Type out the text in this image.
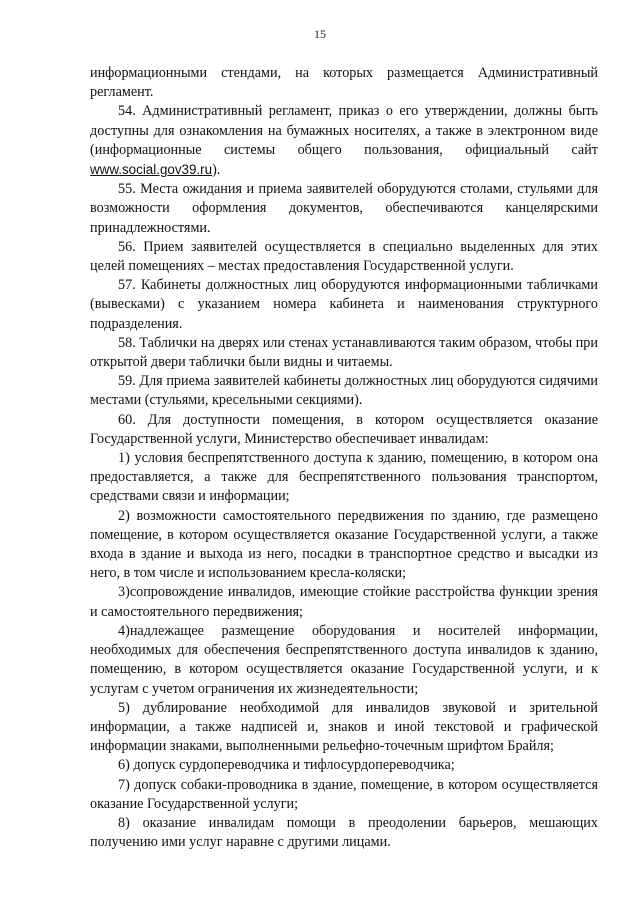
15

информационными стендами, на которых размещается Административный регламент.

54. Административный регламент, приказ о его утверждении, должны быть доступны для ознакомления на бумажных носителях, а также в электронном виде (информационные системы общего пользования, официальный сайт www.social.gov39.ru).

55. Места ожидания и приема заявителей оборудуются столами, стульями для возможности оформления документов, обеспечиваются канцелярскими принадлежностями.

56. Прием заявителей осуществляется в специально выделенных для этих целей помещениях – местах предоставления Государственной услуги.

57. Кабинеты должностных лиц оборудуются информационными табличками (вывесками) с указанием номера кабинета и наименования структурного подразделения.

58. Таблички на дверях или стенах устанавливаются таким образом, чтобы при открытой двери таблички были видны и читаемы.

59. Для приема заявителей кабинеты должностных лиц оборудуются сидячими местами (стульями, кресельными секциями).

60. Для доступности помещения, в котором осуществляется оказание Государственной услуги, Министерство обеспечивает инвалидам:

1) условия беспрепятственного доступа к зданию, помещению, в котором она предоставляется, а также для беспрепятственного пользования транспортом, средствами связи и информации;

2) возможности самостоятельного передвижения по зданию, где размещено помещение, в котором осуществляется оказание Государственной услуги, а также входа в здание и выхода из него, посадки в транспортное средство и высадки из него, в том числе и использованием кресла-коляски;

3)сопровождение инвалидов, имеющие стойкие расстройства функции зрения и самостоятельного передвижения;

4)надлежащее размещение оборудования и носителей информации, необходимых для обеспечения беспрепятственного доступа инвалидов к зданию, помещению, в котором осуществляется оказание Государственной услуги, и к услугам с учетом ограничения их жизнедеятельности;

5) дублирование необходимой для инвалидов звуковой и зрительной информации, а также надписей и, знаков и иной текстовой и графической информации знаками, выполненными рельефно-точечным шрифтом Брайля;

6) допуск сурдопереводчика и тифлосурдопереводчика;

7) допуск собаки-проводника в здание, помещение, в котором осуществляется оказание Государственной услуги;

8) оказание инвалидам помощи в преодолении барьеров, мешающих получению ими услуг наравне с другими лицами.
